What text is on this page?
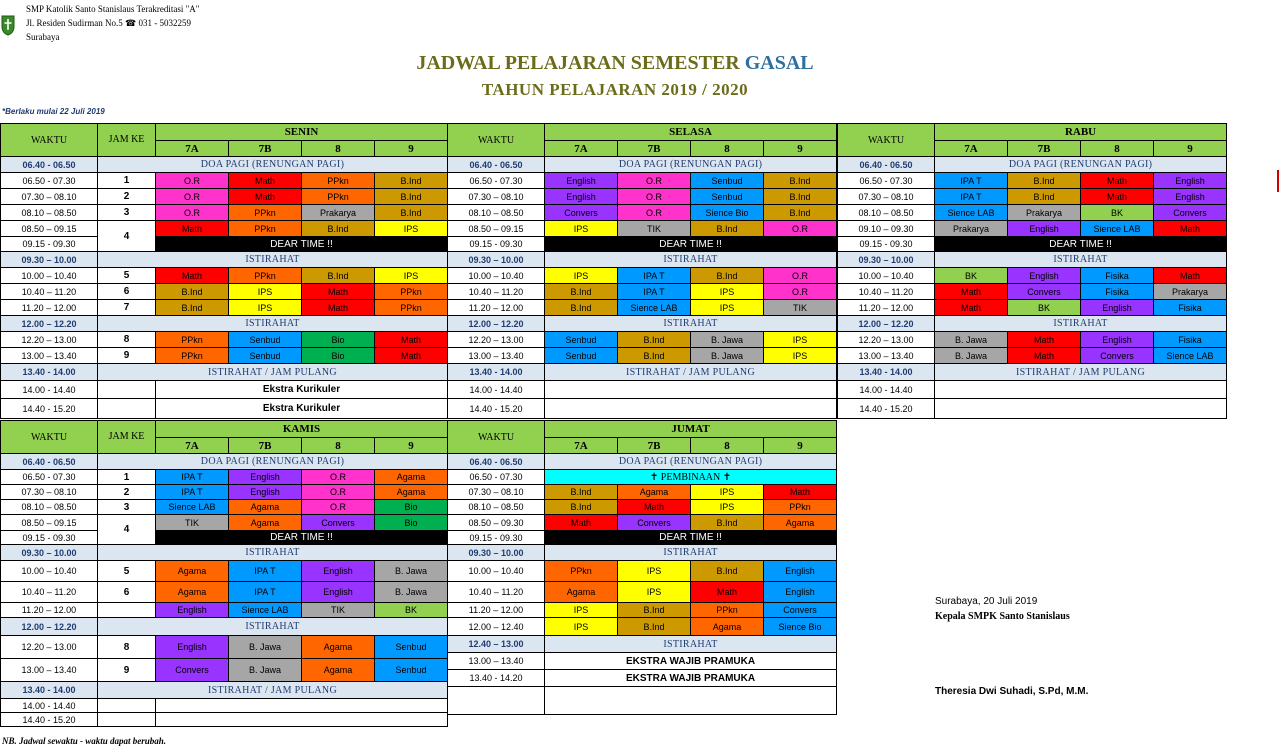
SMP Katolik Santo Stanislaus Terakreditasi "A"
Jl. Residen Sudirman No.5 ☎ 031 - 5032259
Surabaya
JADWAL PELAJARAN SEMESTER GASAL
TAHUN PELAJARAN 2019 / 2020
*Berlaku mulai 22 Juli 2019
WAKTU	JAM KE	SENIN			
		7A	7B	8	9
06.40 - 06.50	DOA PAGI (RENUNGAN PAGI)				
06.50 - 07.30	1	O.R	Math	PPkn	B.Ind
07.30 – 08.10	2	O.R	Math	PPkn	B.Ind
08.10 – 08.50	3	O.R	PPkn	Prakarya	B.Ind
08.50 – 09.15	4	Math	PPkn	B.Ind	IPS
09.15 - 09.30		DEAR TIME !!			
09.30 – 10.00	ISTIRAHAT				
10.00 – 10.40	5	Math	PPkn	B.Ind	IPS
10.40 – 11.20	6	B.Ind	IPS	Math	PPkn
11.20 – 12.00	7	B.Ind	IPS	Math	PPkn
12.00 – 12.20	ISTIRAHAT				
12.20 – 13.00	8	PPkn	Senbud	Bio	Math
13.00 – 13.40	9	PPkn	Senbud	Bio	Math
13.40 - 14.00	ISTIRAHAT / JAM PULANG				
14.00 - 14.40		Ekstra Kurikuler			
14.40 - 15.20		Ekstra Kurikuler			
WAKTU	SELASA			
	7A	7B	8	9
06.40 - 06.50	DOA PAGI (RENUNGAN PAGI)			
06.50 - 07.30	English	O.R	Senbud	B.Ind
07.30 – 08.10	English	O.R	Senbud	B.Ind
08.10 – 08.50	Convers	O.R	Sience Bio	B.Ind
08.50 – 09.15	IPS	TIK	B.Ind	O.R
09.15 - 09.30	DEAR TIME !!			
09.30 – 10.00	ISTIRAHAT			
10.00 – 10.40	IPS	IPA T	B.Ind	O.R
10.40 – 11.20	B.Ind	IPA T	IPS	O.R
11.20 – 12.00	B.Ind	Sience LAB	IPS	TIK
12.00 – 12.20	ISTIRAHAT			
12.20 – 13.00	Senbud	B.Ind	B. Jawa	IPS
13.00 – 13.40	Senbud	B.Ind	B. Jawa	IPS
13.40 - 14.00	ISTIRAHAT / JAM PULANG			
14.00 - 14.40				
14.40 - 15.20				
WAKTU	RABU			
	7A	7B	8	9
06.40 - 06.50	DOA PAGI (RENUNGAN PAGI)			
06.50 - 07.30	IPA T	B.Ind	Math	English
07.30 – 08.10	IPA T	B.Ind	Math	English
08.10 – 08.50	Sience LAB	Prakarya	BK	Convers
09.10 – 09.30	Prakarya	English	Sience LAB	Math
09.15 - 09.30	DEAR TIME !!			
09.30 – 10.00	ISTIRAHAT			
10.00 – 10.40	BK	English	Fisika	Math
10.40 – 11.20	Math	Convers	Fisika	Prakarya
11.20 – 12.00	Math	BK	English	Fisika
12.00 – 12.20	ISTIRAHAT			
12.20 – 13.00	B. Jawa	Math	English	Fisika
13.00 – 13.40	B. Jawa	Math	Convers	Sience LAB
13.40 - 14.00	ISTIRAHAT / JAM PULANG			
14.00 - 14.40				
14.40 - 15.20				
WAKTU	JAM KE	KAMIS			
		7A	7B	8	9
06.40 - 06.50	DOA PAGI (RENUNGAN PAGI)				
06.50 - 07.30	1	IPA T	English	O.R	Agama
07.30 – 08.10	2	IPA T	English	O.R	Agama
08.10 – 08.50	3	Sience LAB	Agama	O.R	Bio
08.50 – 09.15	4	TIK	Agama	Convers	Bio
09.15 - 09.30		DEAR TIME !!			
09.30 – 10.00	ISTIRAHAT				
10.00 – 10.40	5	Agama	IPA T	English	B. Jawa
10.40 – 11.20	6	Agama	IPA T	English	B. Jawa
11.20 – 12.00		English	Sience LAB	TIK	BK
12.00 – 12.20	ISTIRAHAT				
12.20 – 13.00	8	English	B. Jawa	Agama	Senbud
13.00 – 13.40	9	Convers	B. Jawa	Agama	Senbud
13.40 - 14.00	ISTIRAHAT / JAM PULANG				
14.00 - 14.40					
14.40 - 15.20					
WAKTU	JUMAT			
	7A	7B	8	9
06.40 - 06.50	DOA PAGI (RENUNGAN PAGI)			
06.50 - 07.30	✝ PEMBINAAN ✝			
07.30 – 08.10	B.Ind	Agama	IPS	Math
08.10 – 08.50	B.Ind	Math	IPS	PPkn
08.50 – 09.30	Math	Convers	B.Ind	Agama
09.15 - 09.30	DEAR TIME !!			
09.30 – 10.00	ISTIRAHAT			
10.00 – 10.40	PPkn	IPS	B.Ind	English
10.40 – 11.20	Agama	IPS	Math	English
11.20 – 12.00	IPS	B.Ind	PPkn	Convers
12.00 – 12.40	IPS	B.Ind	Agama	Sience Bio
12.40 – 13.00	ISTIRAHAT			
13.00 – 13.40	EKSTRA WAJIB PRAMUKA			
13.40 - 14.20	EKSTRA WAJIB PRAMUKA			

Surabaya, 20 Juli 2019
Kepala SMPK Santo Stanislaus
Theresia Dwi Suhadi, S.Pd, M.M.
NB. Jadwal sewaktu - waktu dapat berubah.
